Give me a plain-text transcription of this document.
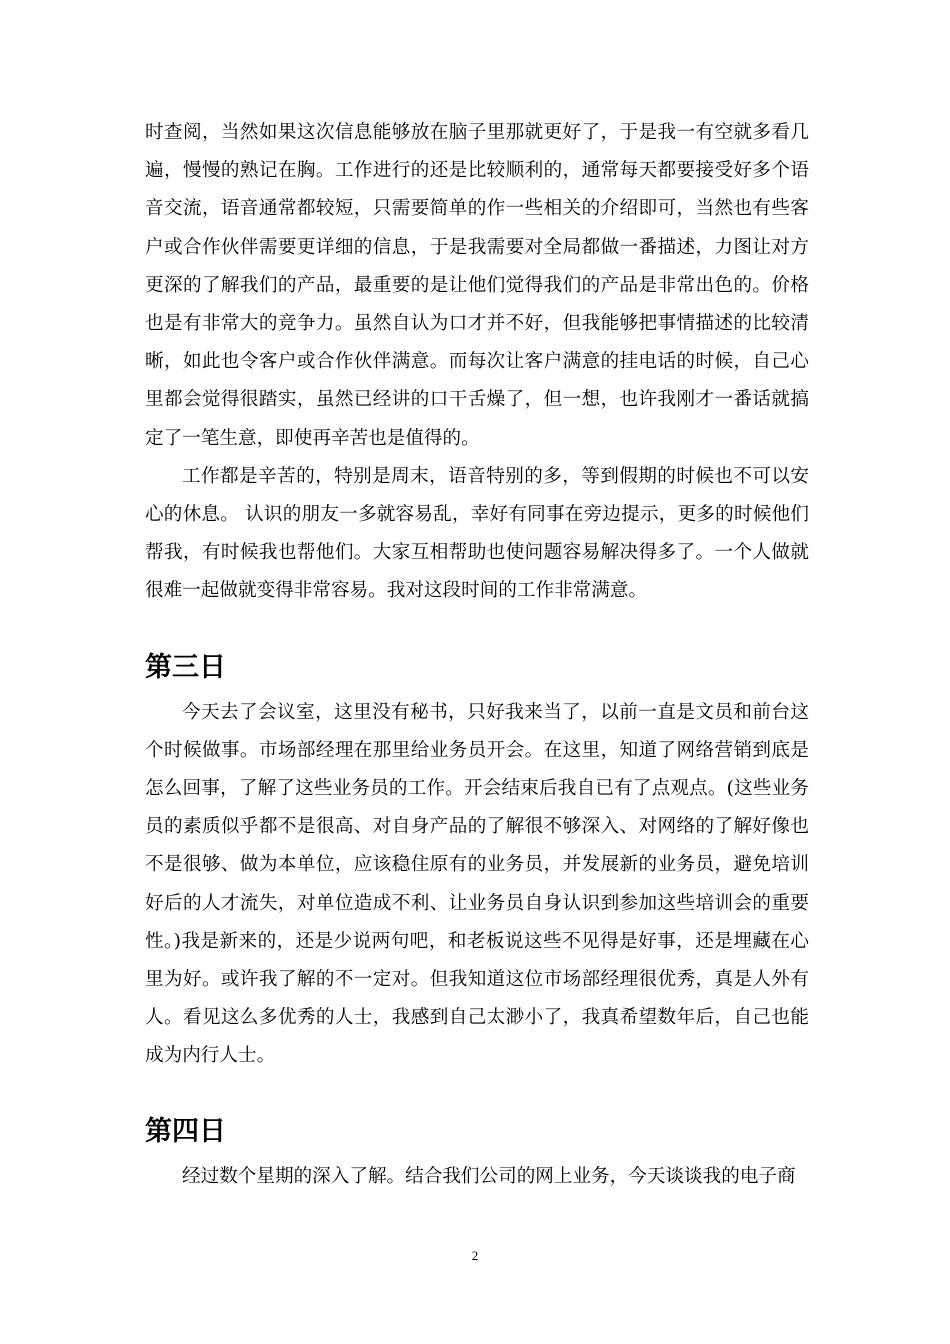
时查阅，当然如果这次信息能够放在脑子里那就更好了，于是我一有空就多看几遍，慢慢的熟记在胸。工作进行的还是比较顺利的，通常每天都要接受好多个语音交流，语音通常都较短，只需要简单的作一些相关的介绍即可，当然也有些客户或合作伙伴需要更详细的信息，于是我需要对全局都做一番描述，力图让对方更深的了解我们的产品，最重要的是让他们觉得我们的产品是非常出色的。价格也是有非常大的竞争力。虽然自认为口才并不好，但我能够把事情描述的比较清晰，如此也令客户或合作伙伴满意。而每次让客户满意的挂电话的时候，自己心里都会觉得很踏实，虽然已经讲的口干舌燥了，但一想，也许我刚才一番话就搞定了一笔生意，即使再辛苦也是值得的。

工作都是辛苦的，特别是周末，语音特别的多，等到假期的时候也不可以安心的休息。 认识的朋友一多就容易乱，幸好有同事在旁边提示，更多的时候他们帮我，有时候我也帮他们。大家互相帮助也使问题容易解决得多了。一个人做就很难一起做就变得非常容易。我对这段时间的工作非常满意。

第三日

今天去了会议室，这里没有秘书，只好我来当了，以前一直是文员和前台这个时候做事。市场部经理在那里给业务员开会。在这里，知道了网络营销到底是怎么回事，了解了这些业务员的工作。开会结束后我自已有了点观点。(这些业务员的素质似乎都不是很高、对自身产品的了解很不够深入、对网络的了解好像也不是很够、做为本单位，应该稳住原有的业务员，并发展新的业务员，避免培训好后的人才流失，对单位造成不利、让业务员自身认识到参加这些培训会的重要性。)我是新来的，还是少说两句吧，和老板说这些不见得是好事，还是埋藏在心里为好。或许我了解的不一定对。但我知道这位市场部经理很优秀，真是人外有人。看见这么多优秀的人士，我感到自己太渺小了，我真希望数年后，自己也能成为内行人士。

第四日

经过数个星期的深入了解。结合我们公司的网上业务，今天谈谈我的电子商

2
